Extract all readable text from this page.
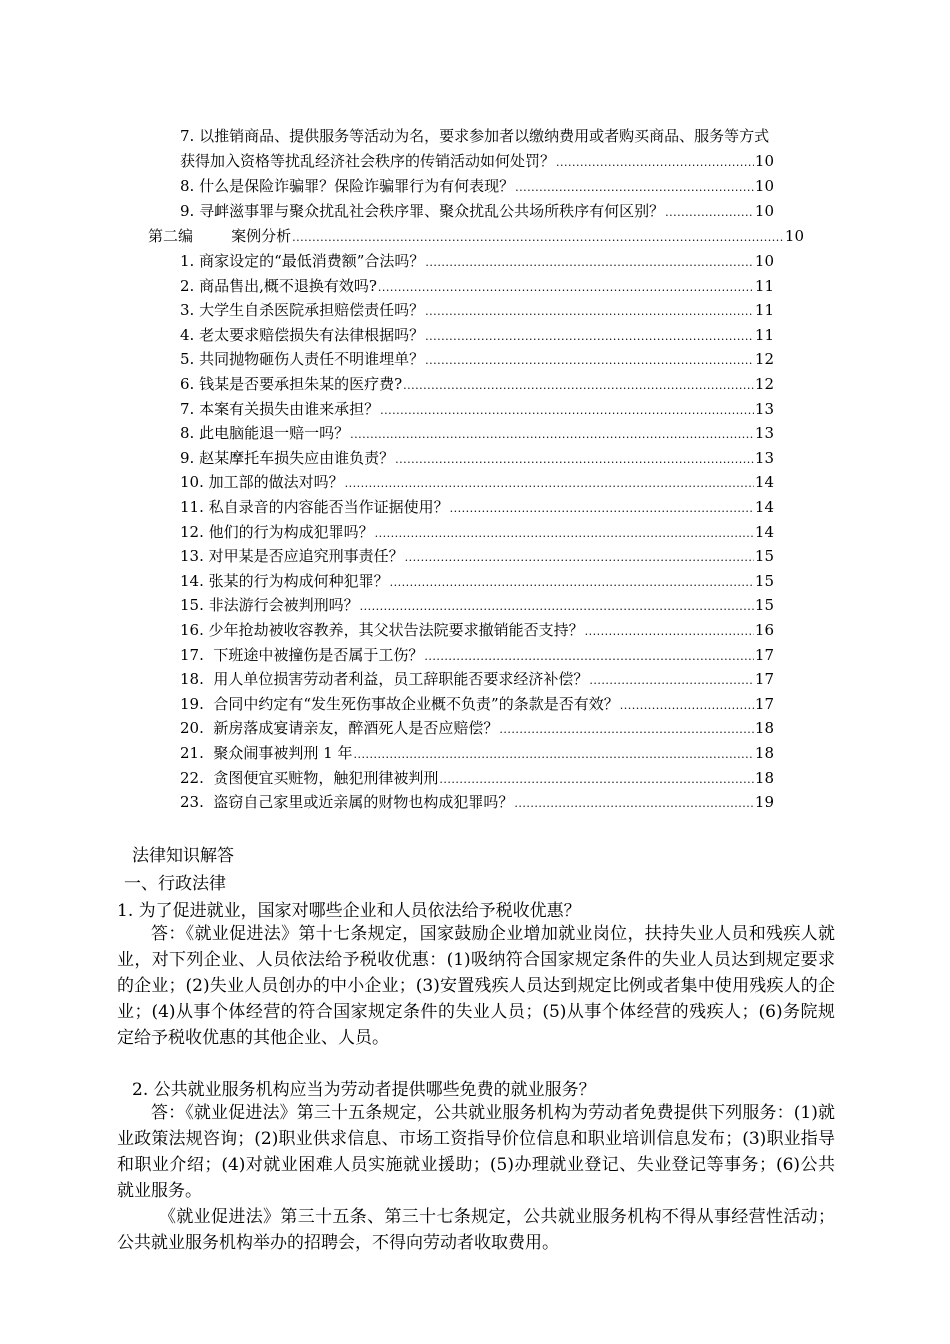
7. 以推销商品、提供服务等活动为名，要求参加者以缴纳费用或者购买商品、服务等方式
获得加入资格等扰乱经济社会秩序的传销活动如何处罚？ .....	10
8. 什么是保险诈骗罪？保险诈骗罪行为有何表现？ .....	10
9. 寻衅滋事罪与聚众扰乱社会秩序罪、聚众扰乱公共场所秩序有何区别？ .....	10
第二编        案例分析 .....	10
1. 商家设定的“最低消费额”合法吗？ .....	10
2. 商品售出,概不退换有效吗? .....	11
3. 大学生自杀医院承担赔偿责任吗？ .....	11
4. 老太要求赔偿损失有法律根据吗？ .....	11
5. 共同抛物砸伤人责任不明谁埋单？ .....	12
6. 钱某是否要承担朱某的医疗费? .....	12
7. 本案有关损失由谁来承担？ .....	13
8. 此电脑能退一赔一吗？ .....	13
9. 赵某摩托车损失应由谁负责？ .....	13
10. 加工部的做法对吗？ .....	14
11. 私自录音的内容能否当作证据使用？ .....	14
12. 他们的行为构成犯罪吗？ .....	14
13. 对甲某是否应追究刑事责任？ .....	15
14. 张某的行为构成何种犯罪？ .....	15
15. 非法游行会被判刑吗？ .....	15
16. 少年抢劫被收容教养，其父状告法院要求撤销能否支持？ .....	16
17.  下班途中被撞伤是否属于工伤？ .....	17
18.  用人单位损害劳动者利益，员工辞职能否要求经济补偿？ .....	17
19.  合同中约定有“发生死伤事故企业概不负责”的条款是否有效？ .....	17
20.  新房落成宴请亲友，醉酒死人是否应赔偿？ .....	18
21.  聚众闹事被判刑 1 年 .....	18
22.  贪图便宜买赃物，触犯刑律被判刑 .....	18
23.  盗窃自己家里或近亲属的财物也构成犯罪吗？ .....	19
法律知识解答
一、行政法律
1. 为了促进就业，国家对哪些企业和人员依法给予税收优惠？
答：《就业促进法》第十七条规定，国家鼓励企业增加就业岗位，扶持失业人员和残疾人就业，对下列企业、人员依法给予税收优惠：(1)吸纳符合国家规定条件的失业人员达到规定要求的企业；(2)失业人员创办的中小企业；(3)安置残疾人员达到规定比例或者集中使用残疾人的企业；(4)从事个体经营的符合国家规定条件的失业人员；(5)从事个体经营的残疾人；(6)务院规定给予税收优惠的其他企业、人员。
2. 公共就业服务机构应当为劳动者提供哪些免费的就业服务？
答：《就业促进法》第三十五条规定，公共就业服务机构为劳动者免费提供下列服务：(1)就业政策法规咨询；(2)职业供求信息、市场工资指导价位信息和职业培训信息发布；(3)职业指导和职业介绍；(4)对就业困难人员实施就业援助；(5)办理就业登记、失业登记等事务；(6)公共就业服务。
《就业促进法》第三十五条、第三十七条规定，公共就业服务机构不得从事经营性活动；公共就业服务机构举办的招聘会，不得向劳动者收取费用。
